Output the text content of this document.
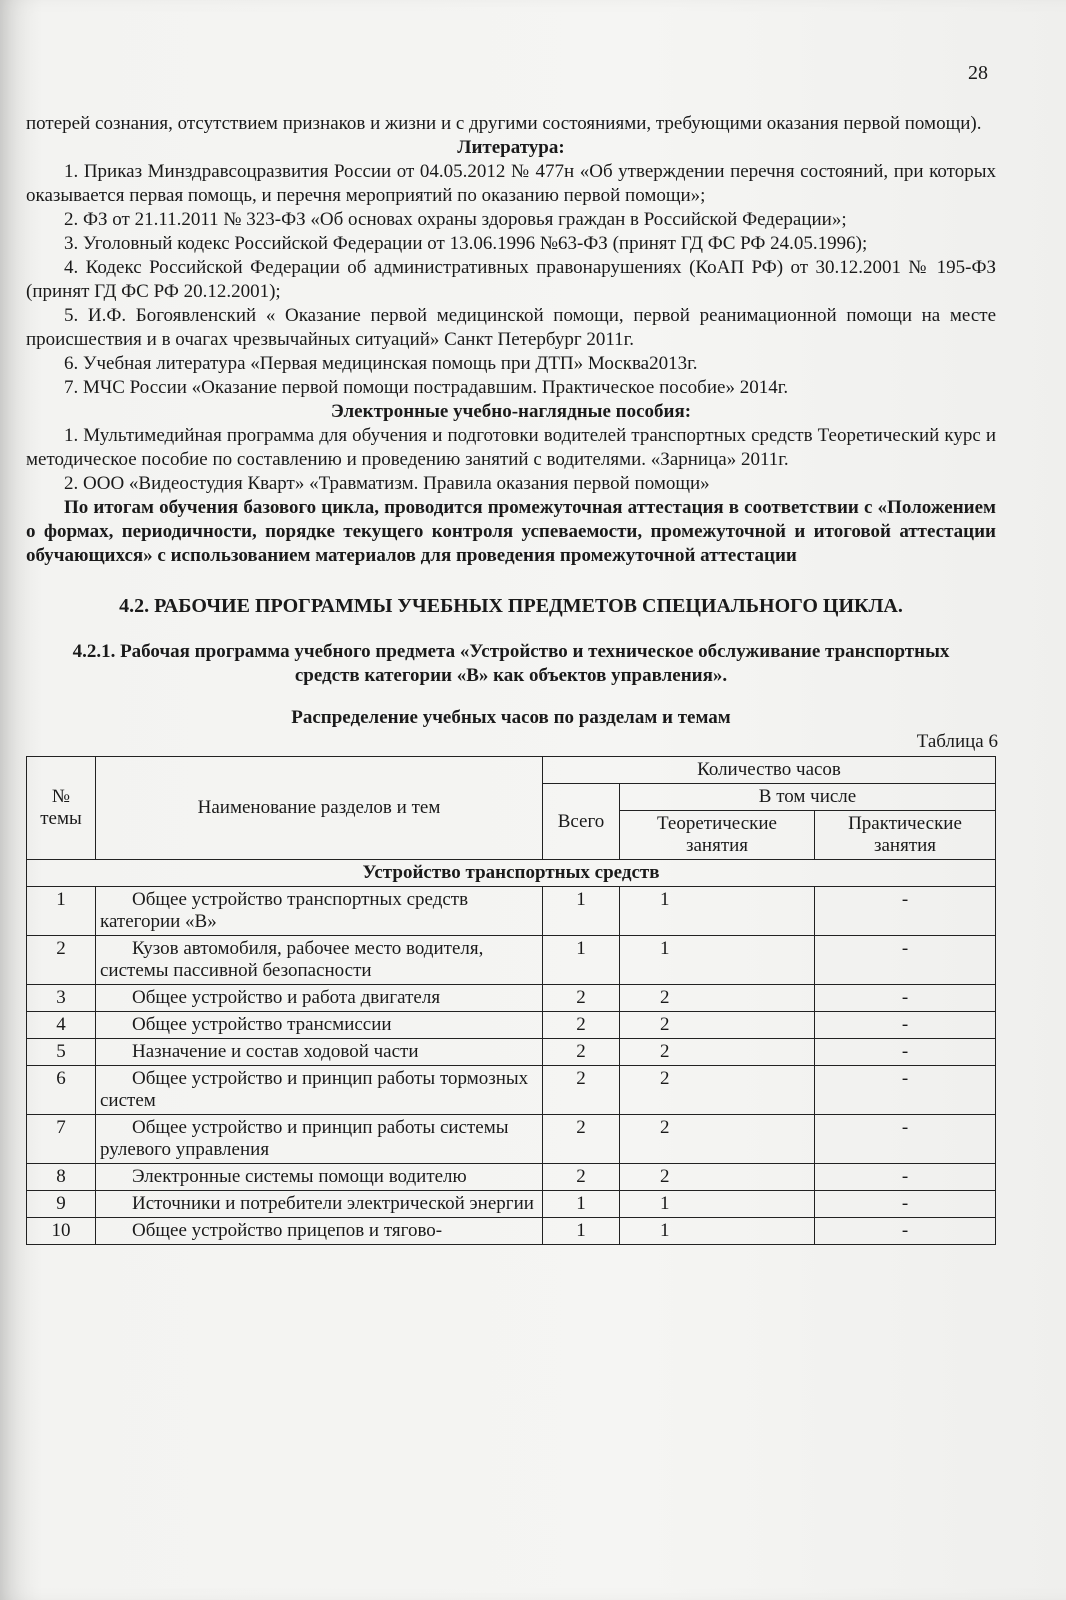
28

потерей сознания, отсутствием признаков и жизни и с другими состояниями, требующими оказания первой помощи).

Литература:

1. Приказ Минздравсоцразвития России от 04.05.2012 № 477н «Об утверждении перечня состояний, при которых оказывается первая помощь, и перечня мероприятий по оказанию первой помощи»;

2. ФЗ от 21.11.2011 № 323-ФЗ «Об основах охраны здоровья граждан в Российской Федерации»;

3. Уголовный кодекс Российской Федерации от 13.06.1996 №63-ФЗ (принят ГД ФС РФ 24.05.1996);

4. Кодекс Российской Федерации об административных правонарушениях (КоАП РФ) от 30.12.2001 № 195-ФЗ (принят ГД ФС РФ 20.12.2001);

5. И.Ф. Богоявленский « Оказание первой медицинской помощи, первой реанимационной помощи на месте происшествия и в очагах чрезвычайных ситуаций» Санкт Петербург 2011г.

6. Учебная литература «Первая медицинская помощь при ДТП» Москва2013г.

7. МЧС России «Оказание первой помощи пострадавшим. Практическое пособие» 2014г.

Электронные учебно-наглядные пособия:

1. Мультимедийная программа для обучения и подготовки водителей транспортных средств Теоретический курс и методическое пособие по составлению и проведению занятий с водителями. «Зарница» 2011г.

2. ООО «Видеостудия Кварт» «Травматизм. Правила оказания первой помощи»

По итогам обучения базового цикла, проводится промежуточная аттестация в соответствии с «Положением о формах, периодичности, порядке текущего контроля успеваемости, промежуточной и итоговой аттестации обучающихся» с использованием материалов для проведения промежуточной аттестации

4.2. РАБОЧИЕ ПРОГРАММЫ УЧЕБНЫХ ПРЕДМЕТОВ СПЕЦИАЛЬНОГО ЦИКЛА.

4.2.1. Рабочая программа учебного предмета «Устройство и техническое обслуживание транспортных средств категории «В» как объектов управления».

Распределение учебных часов по разделам и темам

Таблица 6

№ темы	Наименование разделов и тем	Количество часов		
		Всего	В том числе	
			Теоретические занятия	Практические занятия
Устройство транспортных средств				
1	Общее устройство транспортных средств категории «В»	1	1	-
2	Кузов автомобиля, рабочее место водителя, системы пассивной безопасности	1	1	-
3	Общее устройство и работа двигателя	2	2	-
4	Общее устройство трансмиссии	2	2	-
5	Назначение и состав ходовой части	2	2	-
6	Общее устройство и принцип работы тормозных систем	2	2	-
7	Общее устройство и принцип работы системы рулевого управления	2	2	-
8	Электронные системы помощи водителю	2	2	-
9	Источники и потребители электрической энергии	1	1	-
10	Общее устройство прицепов и тягово-	1	1	-
